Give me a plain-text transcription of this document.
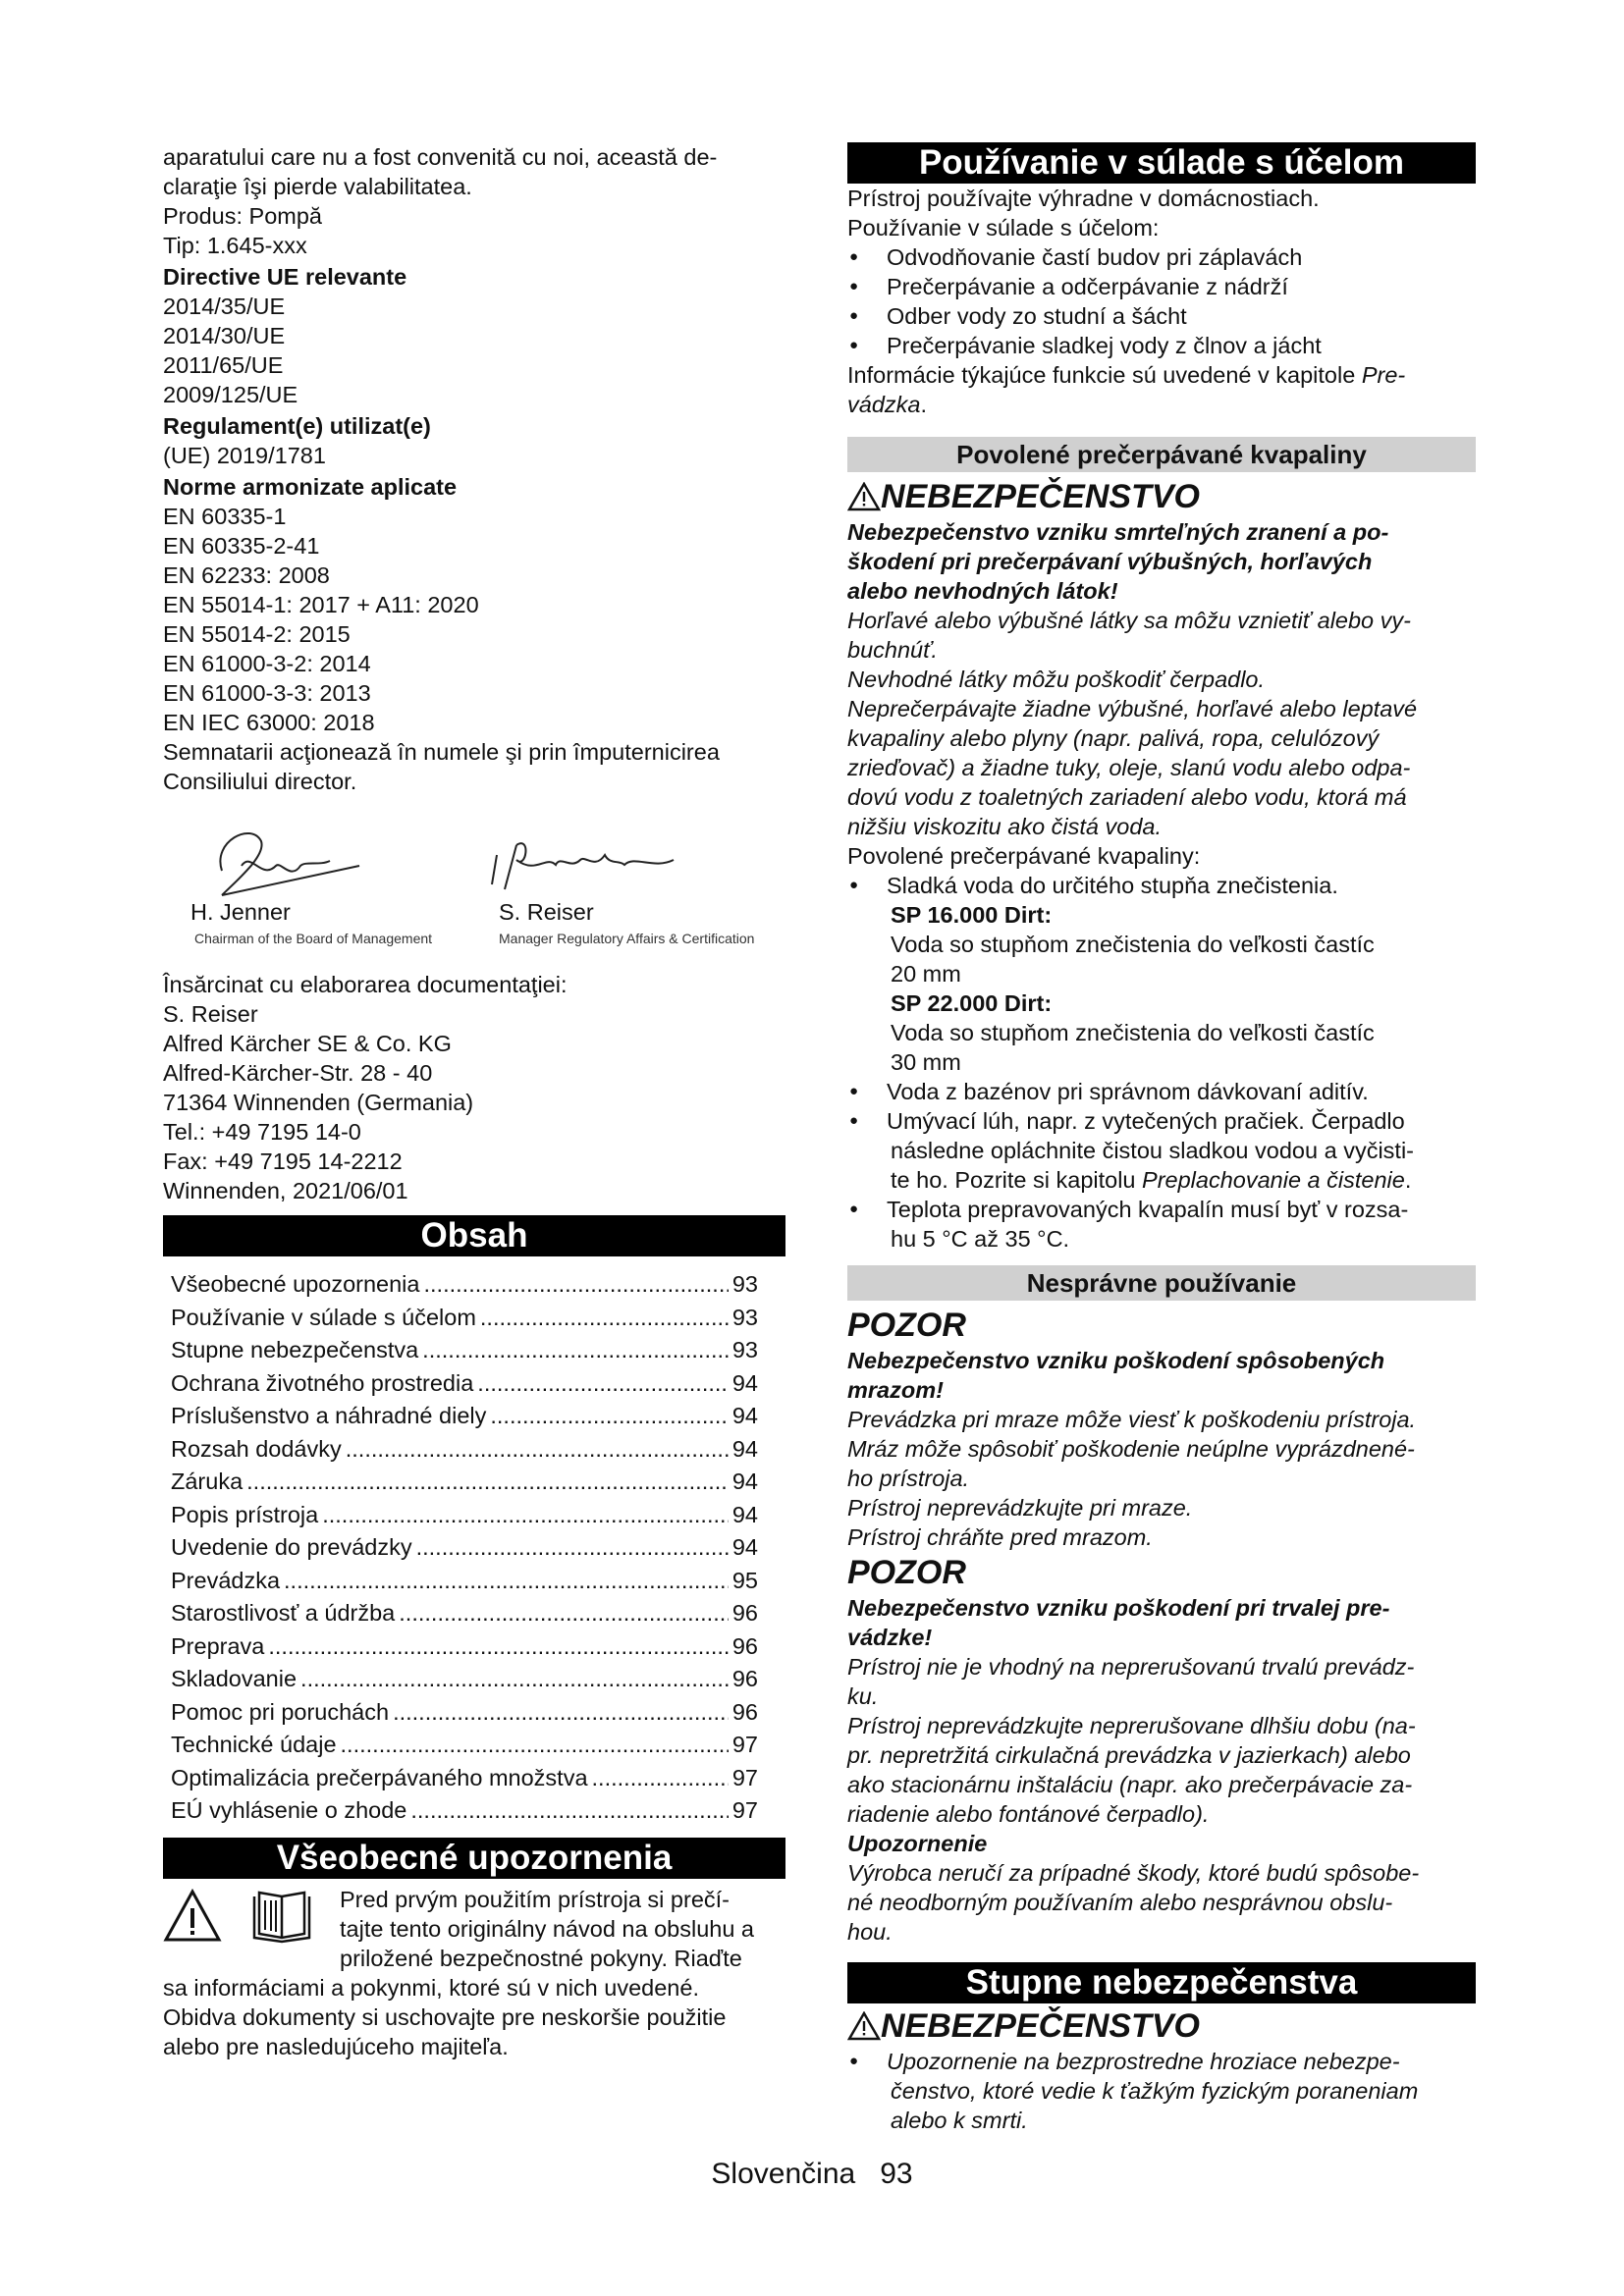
aparatului care nu a fost convenită cu noi, această de-

claraţie îşi pierde valabilitatea.

Produs: Pompă

Tip: 1.645-xxx

Directive UE relevante

2014/35/UE

2014/30/UE

2011/65/UE

2009/125/UE

Regulament(e) utilizat(e)

(UE) 2019/1781

Norme armonizate aplicate

EN 60335-1

EN 60335-2-41

EN 62233: 2008

EN 55014-1: 2017 + A11: 2020

EN 55014-2: 2015

EN 61000-3-2: 2014

EN 61000-3-3: 2013

EN IEC 63000: 2018

Semnatarii acţionează în numele şi prin împuternicirea

Consiliului director.

H. Jenner
Chairman of the Board of Management
S. Reiser
Manager Regulatory Affairs & Certification

Însărcinat cu elaborarea documentaţiei:

S. Reiser

Alfred Kärcher SE & Co. KG

Alfred-Kärcher-Str. 28 - 40

71364 Winnenden (Germania)

Tel.: +49 7195 14-0

Fax: +49 7195 14-2212

Winnenden, 2021/06/01

Obsah
Všeobecné upozornenia .....	93
Používanie v súlade s účelom .....	93
Stupne nebezpečenstva .....	93
Ochrana životného prostredia .....	94
Príslušenstvo a náhradné diely .....	94
Rozsah dodávky .....	94
Záruka .....	94
Popis prístroja .....	94
Uvedenie do prevádzky .....	94
Prevádzka .....	95
Starostlivosť a údržba .....	96
Preprava .....	96
Skladovanie .....	96
Pomoc pri poruchách .....	96
Technické údaje .....	97
Optimalizácia prečerpávaného množstva .....	97
EÚ vyhlásenie o zhode .....	97
Všeobecné upozornenia

Pred prvým použitím prístroja si prečí-

tajte tento originálny návod na obsluhu a

priložené bezpečnostné pokyny. Riaďte

sa informáciami a pokynmi, ktoré sú v nich uvedené.

Obidva dokumenty si uschovajte pre neskoršie použitie

alebo pre nasledujúceho majiteľa.

Používanie v súlade s účelom

Prístroj používajte výhradne v domácnostiach.

Používanie v súlade s účelom:

● Odvodňovanie častí budov pri záplavách

● Prečerpávanie a odčerpávanie z nádrží

● Odber vody zo studní a šácht

● Prečerpávanie sladkej vody z člnov a jácht

Informácie týkajúce funkcie sú uvedené v kapitole Pre-

vádzka.

Povolené prečerpávané kvapaliny
NEBEZPEČENSTVO

Nebezpečenstvo vzniku smrteľných zranení a po-

škodení pri prečerpávaní výbušných, horľavých

alebo nevhodných látok!

Horľavé alebo výbušné látky sa môžu vznietiť alebo vy-

buchnúť.

Nevhodné látky môžu poškodiť čerpadlo.

Neprečerpávajte žiadne výbušné, horľavé alebo leptavé

kvapaliny alebo plyny (napr. palivá, ropa, celulózový

zrieďovač) a žiadne tuky, oleje, slanú vodu alebo odpa-

dovú vodu z toaletných zariadení alebo vodu, ktorá má

nižšiu viskozitu ako čistá voda.

Povolené prečerpávané kvapaliny:

● Sladká voda do určitého stupňa znečistenia.

SP 16.000 Dirt:

Voda so stupňom znečistenia do veľkosti častíc

20 mm

SP 22.000 Dirt:

Voda so stupňom znečistenia do veľkosti častíc

30 mm

● Voda z bazénov pri správnom dávkovaní aditív.

● Umývací lúh, napr. z vytečených pračiek. Čerpadlo

následne opláchnite čistou sladkou vodou a vyčisti-

te ho. Pozrite si kapitolu Preplachovanie a čistenie.

● Teplota prepravovaných kvapalín musí byť v rozsa-

hu 5 °C až 35 °C.

Nesprávne používanie
POZOR

Nebezpečenstvo vzniku poškodení spôsobených

mrazom!

Prevádzka pri mraze môže viesť k poškodeniu prístroja.

Mráz môže spôsobiť poškodenie neúplne vyprázdnené-

ho prístroja.

Prístroj neprevádzkujte pri mraze.

Prístroj chráňte pred mrazom.

POZOR

Nebezpečenstvo vzniku poškodení pri trvalej pre-

vádzke!

Prístroj nie je vhodný na neprerušovanú trvalú prevádz-

ku.

Prístroj neprevádzkujte neprerušovane dlhšiu dobu (na-

pr. nepretržitá cirkulačná prevádzka v jazierkach) alebo

ako stacionárnu inštaláciu (napr. ako prečerpávacie za-

riadenie alebo fontánové čerpadlo).

Upozornenie

Výrobca neručí za prípadné škody, ktoré budú spôsobe-

né neodborným používaním alebo nesprávnou obslu-

hou.

Stupne nebezpečenstva
NEBEZPEČENSTVO

● Upozornenie na bezprostredne hroziace nebezpe-

čenstvo, ktoré vedie k ťažkým fyzickým poraneniam

alebo k smrti.

Slovenčina   93
